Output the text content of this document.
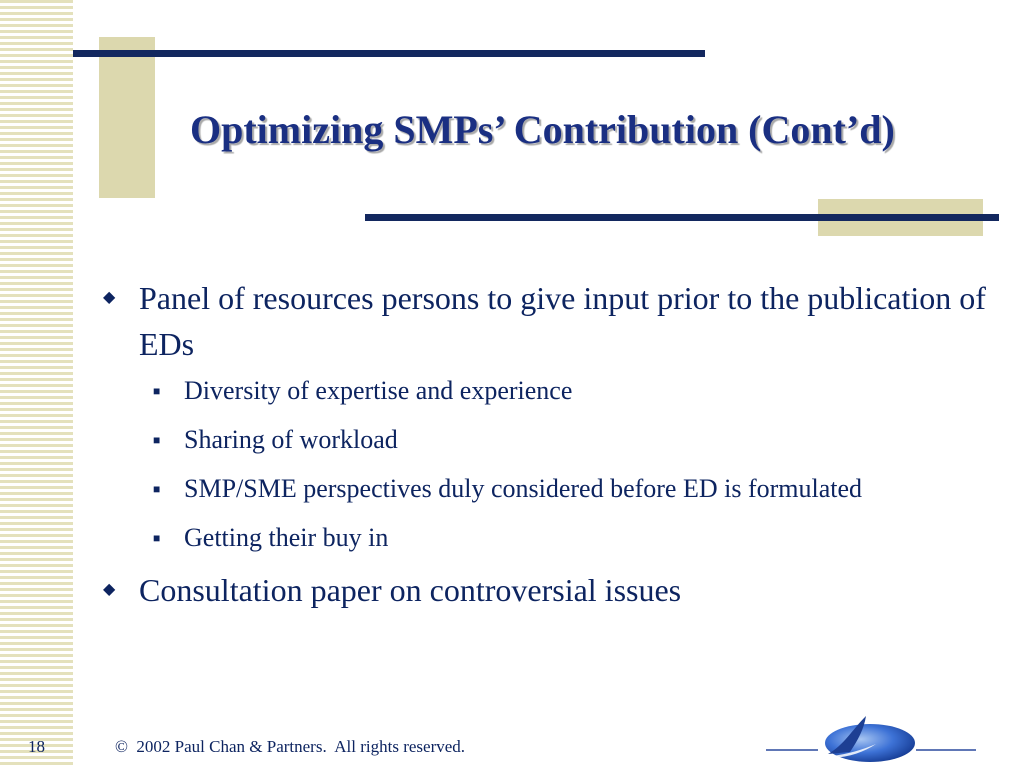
Optimizing SMPs’ Contribution (Cont’d)
◆ Panel of resources persons to give input prior to the publication of EDs
■ Diversity of expertise and experience
■ Sharing of workload
■ SMP/SME perspectives duly considered before ED is formulated
■ Getting their buy in
◆ Consultation paper on controversial issues
18	©  2002 Paul Chan & Partners.  All rights reserved.
